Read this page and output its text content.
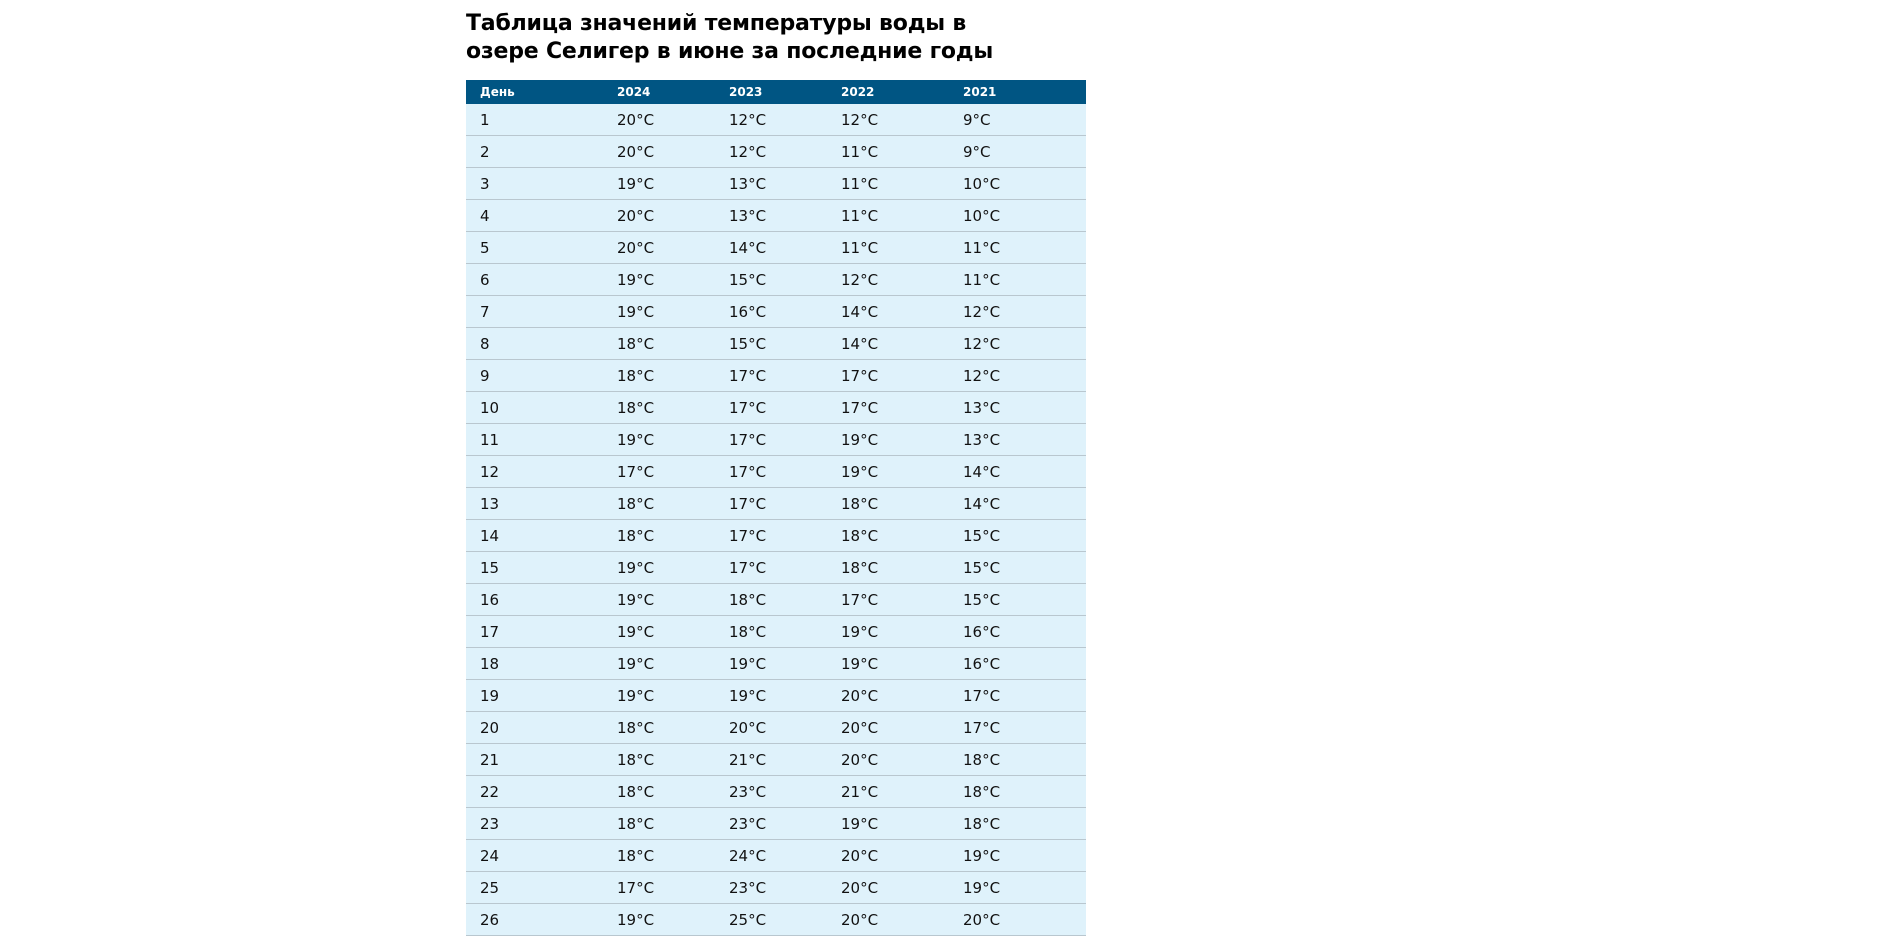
Таблица значений температуры воды в озере Селигер в июне за последние годы
День	2024	2023	2022	2021
1	20°C	12°C	12°C	9°C
2	20°C	12°C	11°C	9°C
3	19°C	13°C	11°C	10°C
4	20°C	13°C	11°C	10°C
5	20°C	14°C	11°C	11°C
6	19°C	15°C	12°C	11°C
7	19°C	16°C	14°C	12°C
8	18°C	15°C	14°C	12°C
9	18°C	17°C	17°C	12°C
10	18°C	17°C	17°C	13°C
11	19°C	17°C	19°C	13°C
12	17°C	17°C	19°C	14°C
13	18°C	17°C	18°C	14°C
14	18°C	17°C	18°C	15°C
15	19°C	17°C	18°C	15°C
16	19°C	18°C	17°C	15°C
17	19°C	18°C	19°C	16°C
18	19°C	19°C	19°C	16°C
19	19°C	19°C	20°C	17°C
20	18°C	20°C	20°C	17°C
21	18°C	21°C	20°C	18°C
22	18°C	23°C	21°C	18°C
23	18°C	23°C	19°C	18°C
24	18°C	24°C	20°C	19°C
25	17°C	23°C	20°C	19°C
26	19°C	25°C	20°C	20°C
